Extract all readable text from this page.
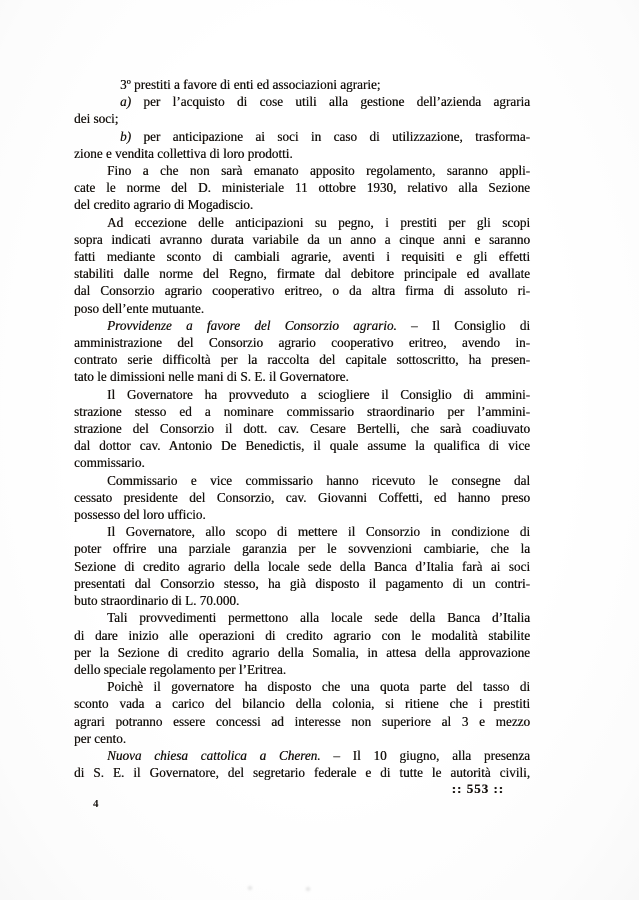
3º prestiti a favore di enti ed associazioni agrarie;
a) per l’acquisto di cose utili alla gestione dell’azienda agraria
dei soci;
b) per anticipazione ai soci in caso di utilizzazione, trasforma-
zione e vendita collettiva di loro prodotti.
Fino a che non sarà emanato apposito regolamento, saranno appli-
cate le norme del D. ministeriale 11 ottobre 1930, relativo alla Sezione
del credito agrario di Mogadiscio.
Ad eccezione delle anticipazioni su pegno, i prestiti per gli scopi
sopra indicati avranno durata variabile da un anno a cinque anni e saranno
fatti mediante sconto di cambiali agrarie, aventi i requisiti e gli effetti
stabiliti dalle norme del Regno, firmate dal debitore principale ed avallate
dal Consorzio agrario cooperativo eritreo, o da altra firma di assoluto ri-
poso dell’ente mutuante.
Provvidenze a favore del Consorzio agrario. – Il Consiglio di
amministrazione del Consorzio agrario cooperativo eritreo, avendo in-
contrato serie difficoltà per la raccolta del capitale sottoscritto, ha presen-
tato le dimissioni nelle mani di S. E. il Governatore.
Il Governatore ha provveduto a sciogliere il Consiglio di ammini-
strazione stesso ed a nominare commissario straordinario per l’ammini-
strazione del Consorzio il dott. cav. Cesare Bertelli, che sarà coadiuvato
dal dottor cav. Antonio De Benedictis, il quale assume la qualifica di vice
commissario.
Commissario e vice commissario hanno ricevuto le consegne dal
cessato presidente del Consorzio, cav. Giovanni Coffetti, ed hanno preso
possesso del loro ufficio.
Il Governatore, allo scopo di mettere il Consorzio in condizione di
poter offrire una parziale garanzia per le sovvenzioni cambiarie, che la
Sezione di credito agrario della locale sede della Banca d’Italia farà ai soci
presentati dal Consorzio stesso, ha già disposto il pagamento di un contri-
buto straordinario di L. 70.000.
Tali provvedimenti permettono alla locale sede della Banca d’Italia
di dare inizio alle operazioni di credito agrario con le modalità stabilite
per la Sezione di credito agrario della Somalia, in attesa della approvazione
dello speciale regolamento per l’Eritrea.
Poichè il governatore ha disposto che una quota parte del tasso di
sconto vada a carico del bilancio della colonia, si ritiene che i prestiti
agrari potranno essere concessi ad interesse non superiore al 3 e mezzo
per cento.
Nuova chiesa cattolica a Cheren. – Il 10 giugno, alla presenza
di S. E. il Governatore, del segretario federale e di tutte le autorità civili,
:: 553 ::
4
